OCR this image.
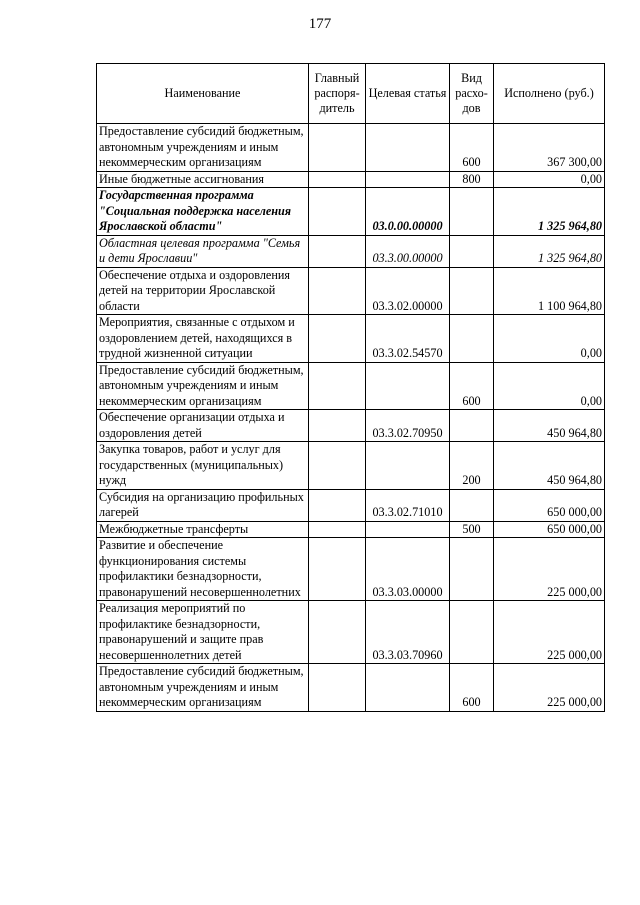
177
Наименование	Главный распоря-дитель	Целевая статья	Вид расхо-дов	Исполнено (руб.)
Предоставление субсидий бюджетным, автономным учреждениям и иным некоммерческим организациям			600	367 300,00
Иные бюджетные ассигнования			800	0,00
Государственная программа "Социальная поддержка населения Ярославской области"		03.0.00.00000		1 325 964,80
Областная целевая программа "Семья и дети Ярославии"		03.3.00.00000		1 325 964,80
Обеспечение отдыха и оздоровления детей на территории Ярославской области		03.3.02.00000		1 100 964,80
Мероприятия, связанные с отдыхом и оздоровлением детей, находящихся в трудной жизненной ситуации		03.3.02.54570		0,00
Предоставление субсидий бюджетным, автономным учреждениям и иным некоммерческим организациям			600	0,00
Обеспечение организации отдыха и оздоровления детей		03.3.02.70950		450 964,80
Закупка товаров, работ и услуг для государственных (муниципальных) нужд			200	450 964,80
Субсидия на организацию профильных лагерей		03.3.02.71010		650 000,00
Межбюджетные трансферты			500	650 000,00
Развитие и обеспечение функционирования системы профилактики безнадзорности, правонарушений несовершеннолетних		03.3.03.00000		225 000,00
Реализация мероприятий по профилактике безнадзорности, правонарушений и защите прав несовершеннолетних детей		03.3.03.70960		225 000,00
Предоставление субсидий бюджетным, автономным учреждениям и иным некоммерческим организациям			600	225 000,00
